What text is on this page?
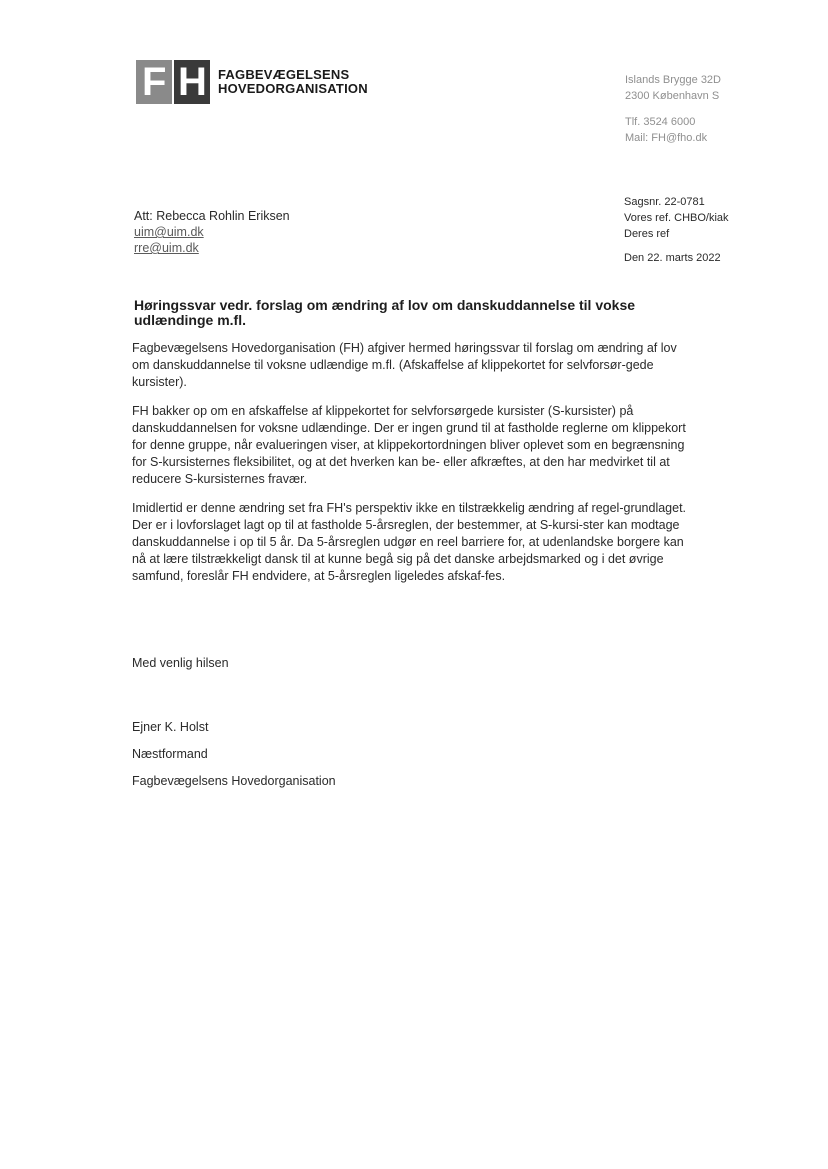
F H FAGBEVÆGELSENS
HOVEDORGANISATION
Islands Brygge 32D
2300 København S
Tlf. 3524 6000
Mail: FH@fho.dk
Sagsnr. 22-0781
Vores ref. CHBO/kiak
Deres ref
Den 22. marts 2022
Att: Rebecca Rohlin Eriksen
uim@uim.dk
rre@uim.dk
Høringssvar vedr. forslag om ændring af lov om danskuddannelse til vokse udlændinge m.fl.

Fagbevægelsens Hovedorganisation (FH) afgiver hermed høringssvar til forslag om ændring af lov om danskuddannelse til voksne udlændige m.fl. (Afskaffelse af klippekortet for selvforsør-gede kursister).

FH bakker op om en afskaffelse af klippekortet for selvforsørgede kursister (S-kursister) på danskuddannelsen for voksne udlændinge. Der er ingen grund til at fastholde reglerne om klippekort for denne gruppe, når evalueringen viser, at klippekortordningen bliver oplevet som en begrænsning for S-kursisternes fleksibilitet, og at det hverken kan be- eller afkræftes, at den har medvirket til at reducere S-kursisternes fravær.

Imidlertid er denne ændring set fra FH's perspektiv ikke en tilstrækkelig ændring af regel-grundlaget. Der er i lovforslaget lagt op til at fastholde 5-årsreglen, der bestemmer, at S-kursi-ster kan modtage danskuddannelse i op til 5 år. Da 5-årsreglen udgør en reel barriere for, at udenlandske borgere kan nå at lære tilstrækkeligt dansk til at kunne begå sig på det danske arbejdsmarked og i det øvrige samfund, foreslår FH endvidere, at 5-årsreglen ligeledes afskaf-fes.

Med venlig hilsen
Ejner K. Holst
Næstformand
Fagbevægelsens Hovedorganisation
